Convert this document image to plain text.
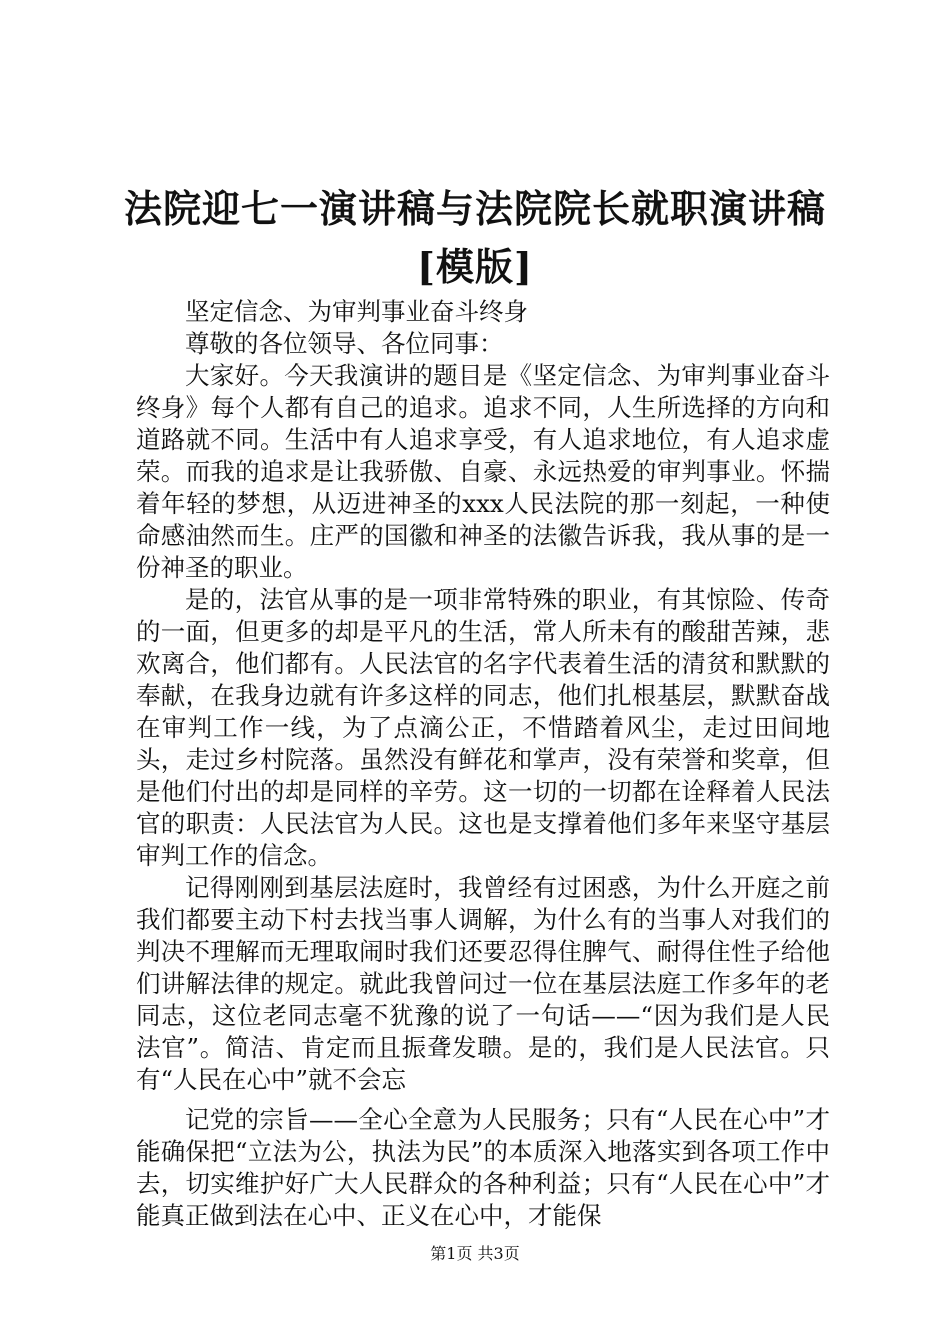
法院迎七一演讲稿与法院院长就职演讲稿[模版]

坚定信念、为审判事业奋斗终身

尊敬的各位领导、各位同事：

大家好。今天我演讲的题目是《坚定信念、为审判事业奋斗终身》每个人都有自己的追求。追求不同，人生所选择的方向和道路就不同。生活中有人追求享受，有人追求地位，有人追求虚荣。而我的追求是让我骄傲、自豪、永远热爱的审判事业。怀揣着年轻的梦想，从迈进神圣的xxx人民法院的那一刻起，一种使命感油然而生。庄严的国徽和神圣的法徽告诉我，我从事的是一份神圣的职业。

是的，法官从事的是一项非常特殊的职业，有其惊险、传奇的一面，但更多的却是平凡的生活，常人所未有的酸甜苦辣，悲欢离合，他们都有。人民法官的名字代表着生活的清贫和默默的奉献，在我身边就有许多这样的同志，他们扎根基层，默默奋战在审判工作一线，为了点滴公正，不惜踏着风尘，走过田间地头，走过乡村院落。虽然没有鲜花和掌声，没有荣誉和奖章，但是他们付出的却是同样的辛劳。这一切的一切都在诠释着人民法官的职责：人民法官为人民。这也是支撑着他们多年来坚守基层审判工作的信念。

记得刚刚到基层法庭时，我曾经有过困惑，为什么开庭之前我们都要主动下村去找当事人调解，为什么有的当事人对我们的判决不理解而无理取闹时我们还要忍得住脾气、耐得住性子给他们讲解法律的规定。就此我曾问过一位在基层法庭工作多年的老同志，这位老同志毫不犹豫的说了一句话——“因为我们是人民法官”。简洁、肯定而且振聋发聩。是的，我们是人民法官。只有“人民在心中”就不会忘

记党的宗旨——全心全意为人民服务；只有“人民在心中”才能确保把“立法为公，执法为民”的本质深入地落实到各项工作中去，切实维护好广大人民群众的各种利益；只有“人民在心中”才能真正做到法在心中、正义在心中，才能保

第1页 共3页
